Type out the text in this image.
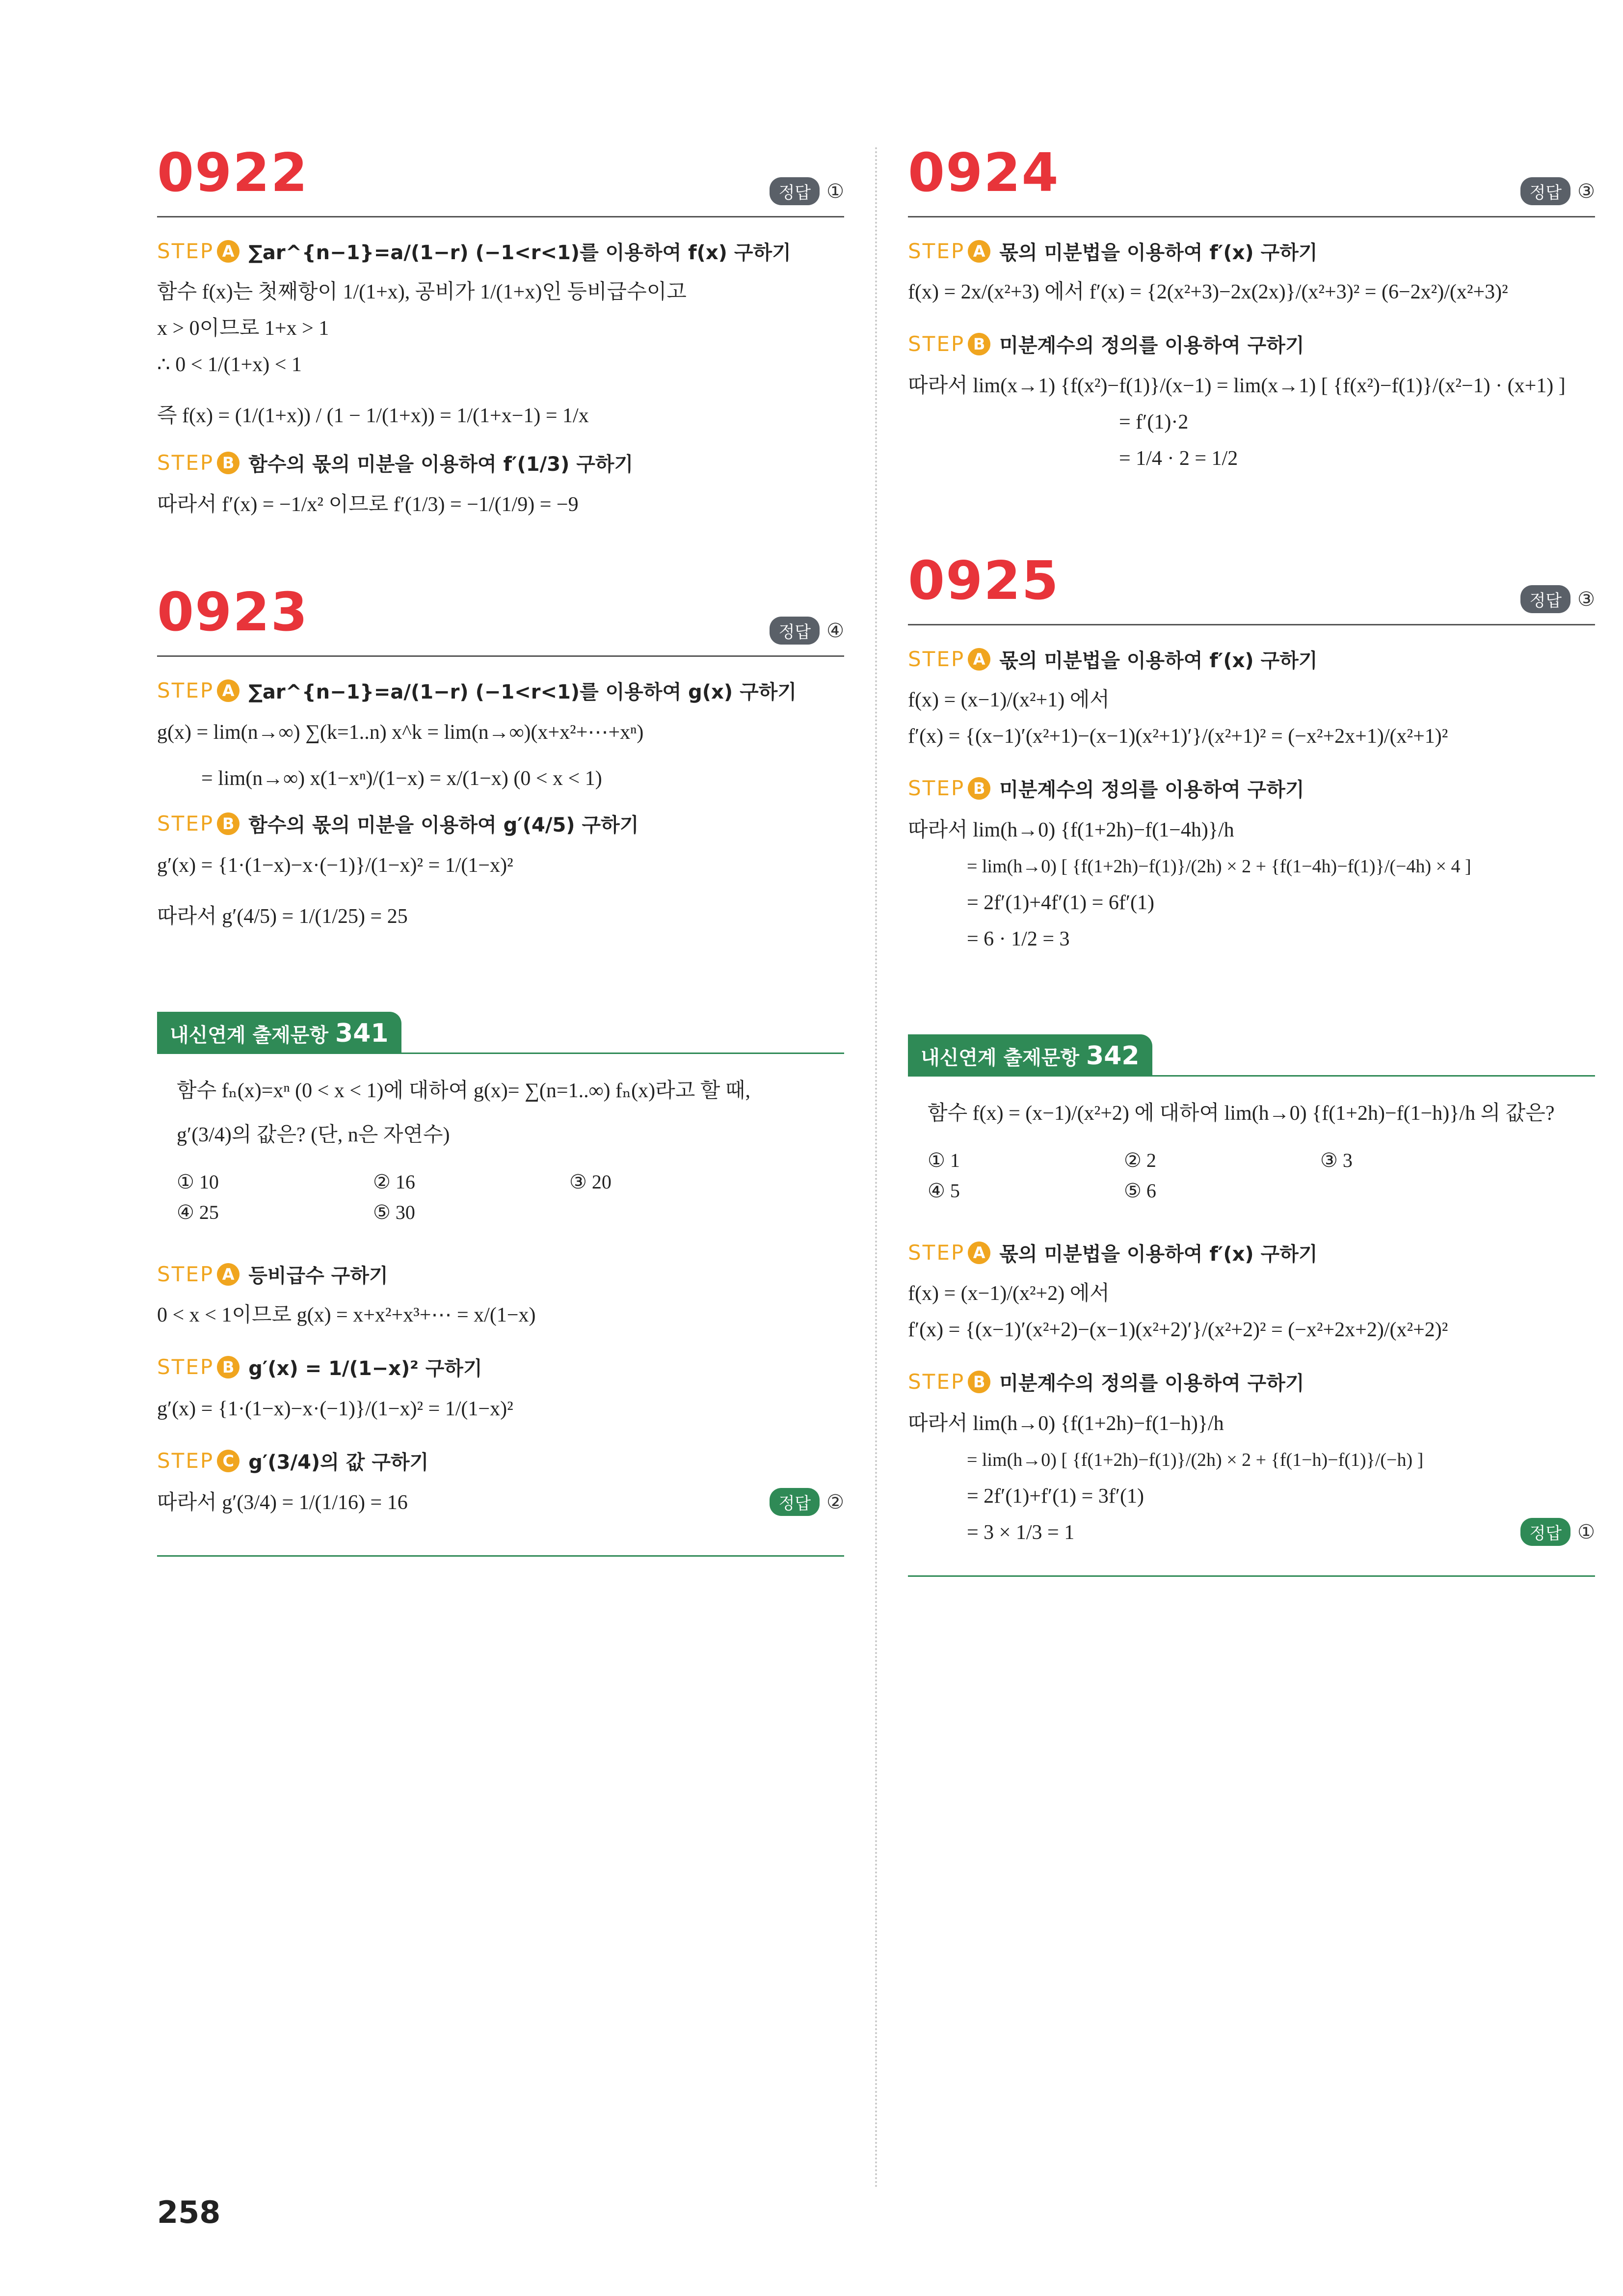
0922	정답 ①
STEP A ∑ar^{n−1}=a/(1−r) (−1<r<1)를 이용하여 f(x) 구하기
함수 f(x)는 첫째항이 1/(1+x), 공비가 1/(1+x)인 등비급수이고
x > 0이므로 1+x > 1
∴ 0 < 1/(1+x) < 1
즉 f(x) = (1/(1+x)) / (1 − 1/(1+x)) = 1/(1+x−1) = 1/x
STEP B 함수의 몫의 미분을 이용하여 f′(1/3) 구하기
따라서 f′(x) = −1/x² 이므로 f′(1/3) = −1/(1/9) = −9
0923	정답 ④
STEP A ∑ar^{n−1}=a/(1−r) (−1<r<1)를 이용하여 g(x) 구하기
g(x) = lim(n→∞) ∑(k=1..n) x^k = lim(n→∞)(x+x²+⋯+xⁿ)
= lim(n→∞) x(1−xⁿ)/(1−x) = x/(1−x) (0 < x < 1)
STEP B 함수의 몫의 미분을 이용하여 g′(4/5) 구하기
g′(x) = {1·(1−x)−x·(−1)}/(1−x)² = 1/(1−x)²
따라서 g′(4/5) = 1/(1/25) = 25
내신연계 출제문항 341
함수 fₙ(x)=xⁿ (0 < x < 1)에 대하여 g(x)= ∑(n=1..∞) fₙ(x)라고 할 때,
g′(3/4)의 값은? (단, n은 자연수)
① 10	② 16	③ 20
④ 25	⑤ 30
STEP A 등비급수 구하기
0 < x < 1이므로 g(x) = x+x²+x³+⋯ = x/(1−x)
STEP B g′(x) = 1/(1−x)² 구하기
g′(x) = {1·(1−x)−x·(−1)}/(1−x)² = 1/(1−x)²
STEP C g′(3/4)의 값 구하기
따라서 g′(3/4) = 1/(1/16) = 16	정답 ②
0924	정답 ③
STEP A 몫의 미분법을 이용하여 f′(x) 구하기
f(x) = 2x/(x²+3) 에서 f′(x) = {2(x²+3)−2x(2x)}/(x²+3)² = (6−2x²)/(x²+3)²
STEP B 미분계수의 정의를 이용하여 구하기
따라서 lim(x→1) {f(x²)−f(1)}/(x−1) = lim(x→1) [ {f(x²)−f(1)}/(x²−1) · (x+1) ]
= f′(1)·2
= 1/4 · 2 = 1/2
0925	정답 ③
STEP A 몫의 미분법을 이용하여 f′(x) 구하기
f(x) = (x−1)/(x²+1) 에서
f′(x) = {(x−1)′(x²+1)−(x−1)(x²+1)′}/(x²+1)² = (−x²+2x+1)/(x²+1)²
STEP B 미분계수의 정의를 이용하여 구하기
따라서 lim(h→0) {f(1+2h)−f(1−4h)}/h
= lim(h→0) [ {f(1+2h)−f(1)}/(2h) × 2 + {f(1−4h)−f(1)}/(−4h) × 4 ]
= 2f′(1)+4f′(1) = 6f′(1)
= 6 · 1/2 = 3
내신연계 출제문항 342
함수 f(x) = (x−1)/(x²+2) 에 대하여 lim(h→0) {f(1+2h)−f(1−h)}/h 의 값은?
① 1	② 2	③ 3
④ 5	⑤ 6
STEP A 몫의 미분법을 이용하여 f′(x) 구하기
f(x) = (x−1)/(x²+2) 에서
f′(x) = {(x−1)′(x²+2)−(x−1)(x²+2)′}/(x²+2)² = (−x²+2x+2)/(x²+2)²
STEP B 미분계수의 정의를 이용하여 구하기
따라서 lim(h→0) {f(1+2h)−f(1−h)}/h
= lim(h→0) [ {f(1+2h)−f(1)}/(2h) × 2 + {f(1−h)−f(1)}/(−h) ]
= 2f′(1)+f′(1) = 3f′(1)
= 3 × 1/3 = 1	정답 ①
258
